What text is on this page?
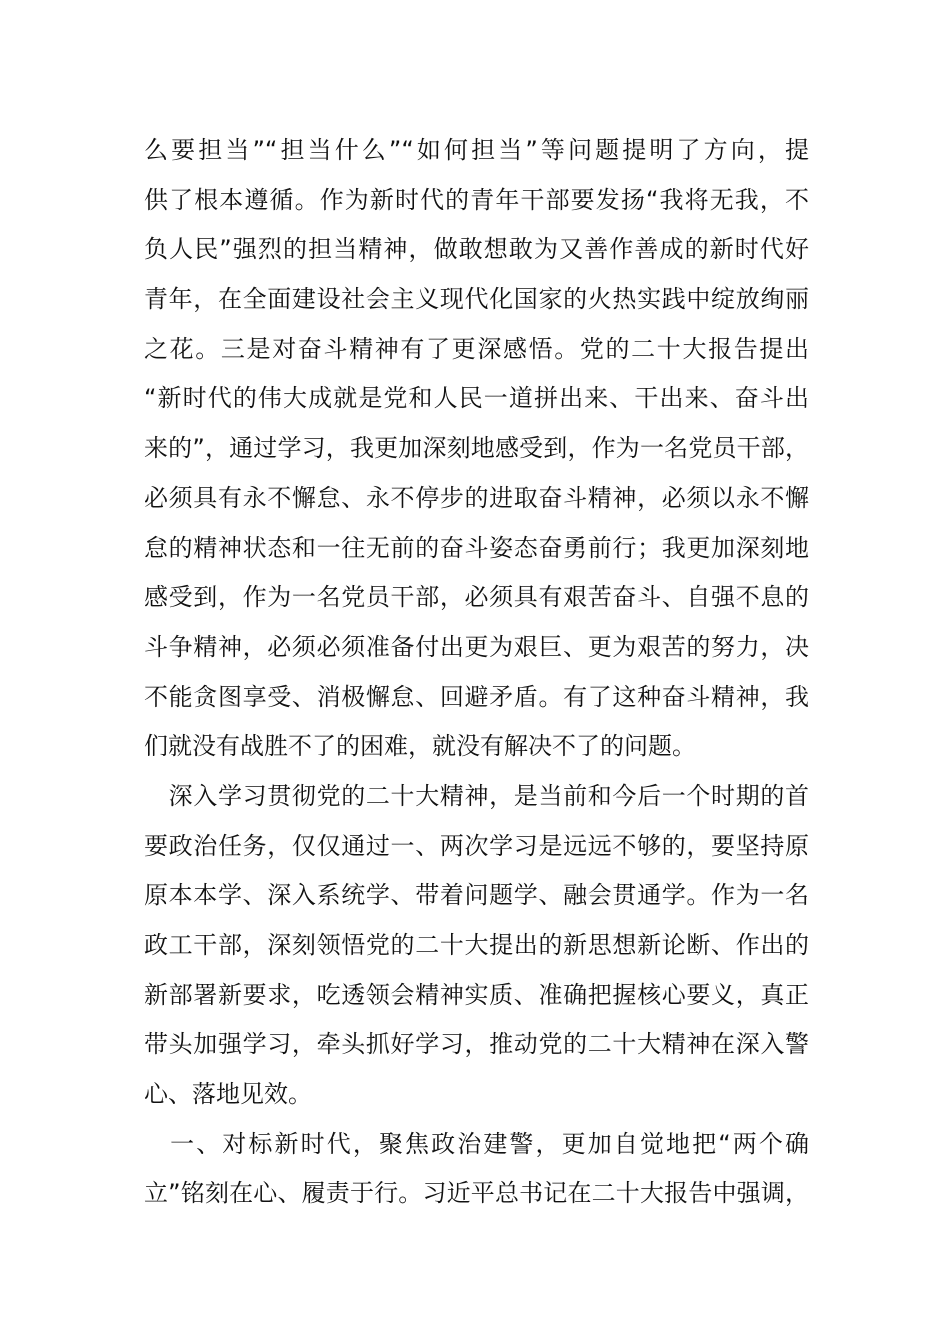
么要担当”“担当什么”“如何担当”等问题提明了方向，提
供了根本遵循。作为新时代的青年干部要发扬“我将无我，不
负人民”强烈的担当精神，做敢想敢为又善作善成的新时代好
青年，在全面建设社会主义现代化国家的火热实践中绽放绚丽
之花。三是对奋斗精神有了更深感悟。党的二十大报告提出
“新时代的伟大成就是党和人民一道拼出来、干出来、奋斗出
来的”，通过学习，我更加深刻地感受到，作为一名党员干部，
必须具有永不懈怠、永不停步的进取奋斗精神，必须以永不懈
怠的精神状态和一往无前的奋斗姿态奋勇前行；我更加深刻地
感受到，作为一名党员干部，必须具有艰苦奋斗、自强不息的
斗争精神，必须必须准备付出更为艰巨、更为艰苦的努力，决
不能贪图享受、消极懈怠、回避矛盾。有了这种奋斗精神，我
们就没有战胜不了的困难，就没有解决不了的问题。
　深入学习贯彻党的二十大精神，是当前和今后一个时期的首
要政治任务，仅仅通过一、两次学习是远远不够的，要坚持原
原本本学、深入系统学、带着问题学、融会贯通学。作为一名
政工干部，深刻领悟党的二十大提出的新思想新论断、作出的
新部署新要求，吃透领会精神实质、准确把握核心要义，真正
带头加强学习，牵头抓好学习，推动党的二十大精神在深入警
心、落地见效。
　一、对标新时代，聚焦政治建警，更加自觉地把“两个确
立”铭刻在心、履责于行。习近平总书记在二十大报告中强调，
